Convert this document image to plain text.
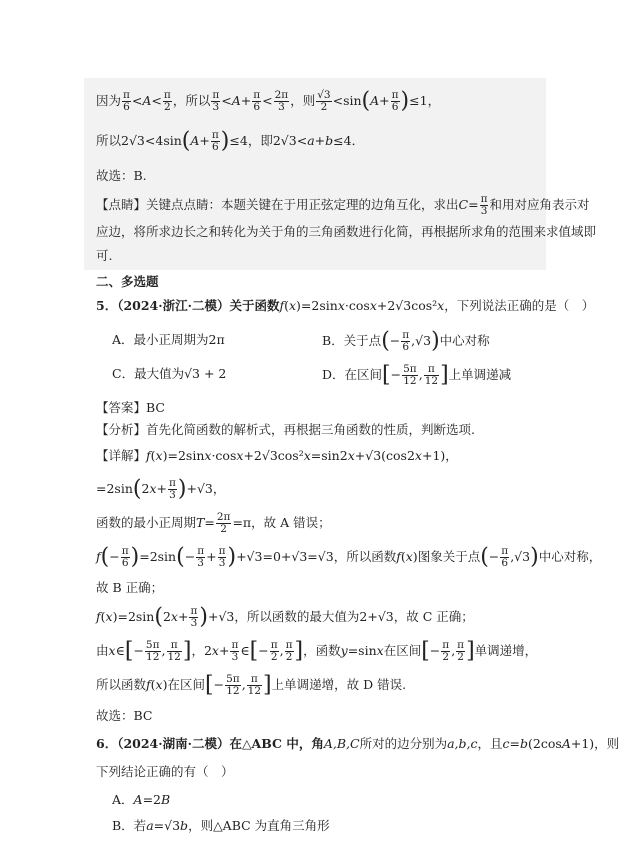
因为 $\frac{\pi}{6} <A< \frac{\pi}{2}$ ，所以 $\frac{\pi}{3} <A+ \frac{\pi}{6} < \frac{2\pi}{3}$ ，则 $\frac{√3}{2} <\sin(A+ \frac{\pi}{6} )\le 1$，
所以$2√3<4\sin(A+ \frac{\pi}{6} )\le 4$，即2√3<a+b≤4．
故选：B.
【点睛】关键点点睛：本题关键在于用正弦定理的边角互化，求出$C= \frac{\pi}{3}$ 和用对应角表示对
应边，将所求边长之和转化为关于角的三角函数进行化简，再根据所求角的范围来求值域即
可.
二、多选题
5．（2024·浙江·二模）关于函数f(x)=2sinx·cosx+2√3cos²x，下列说法正确的是（　）
A．最小正周期为2π	B．关于点(− $\frac{\pi}{6} ,√3$)中心对称
C．最大值为√3 + 2	D．在区间[− $\frac{5\pi}{12}$ , $\frac{\pi}{12}$ ]上单调递减
【答案】BC
【分析】首先化简函数的解析式，再根据三角函数的性质，判断选项.
【详解】f(x)=2sinx·cosx+2√3cos²x=sin2x+√3(cos2x+1)，
$=2\sin(2x+ \frac{\pi}{3} )+√3$，
函数的最小正周期$T= \frac{2\pi}{2} =\pi$，故 A 错误；
$f(- \frac{\pi}{6} )=2\sin(- \frac{\pi}{3} + \frac{\pi}{3} )+√3=0+√3=√3$，所以函数f(x)图象关于点(− $\frac{\pi}{6} ,√3$)中心对称，
故 B 正确；
$f(x)=2\sin(2x+ \frac{\pi}{3} )+√3$，所以函数的最大值为2+√3，故 C 正确；
由x∈[− $\frac{5\pi}{12}$ , $\frac{\pi}{12}$ ]，$2x+ \frac{\pi}{3}$ ∈[− $\frac{\pi}{2}$ , $\frac{\pi}{2}$ ]，函数y=sinx在区间[− $\frac{\pi}{2}$ , $\frac{\pi}{2}$ ]单调递增，
所以函数f(x)在区间[− $\frac{5\pi}{12}$ , $\frac{\pi}{12}$ ]上单调递增，故 D 错误.
故选：BC
6．（2024·湖南·二模）在△ABC 中，角A,B,C所对的边分别为a,b,c，且c=b(2cosA+1)，则
下列结论正确的有（　）
A．A=2B
B．若a=√3b，则△ABC 为直角三角形
